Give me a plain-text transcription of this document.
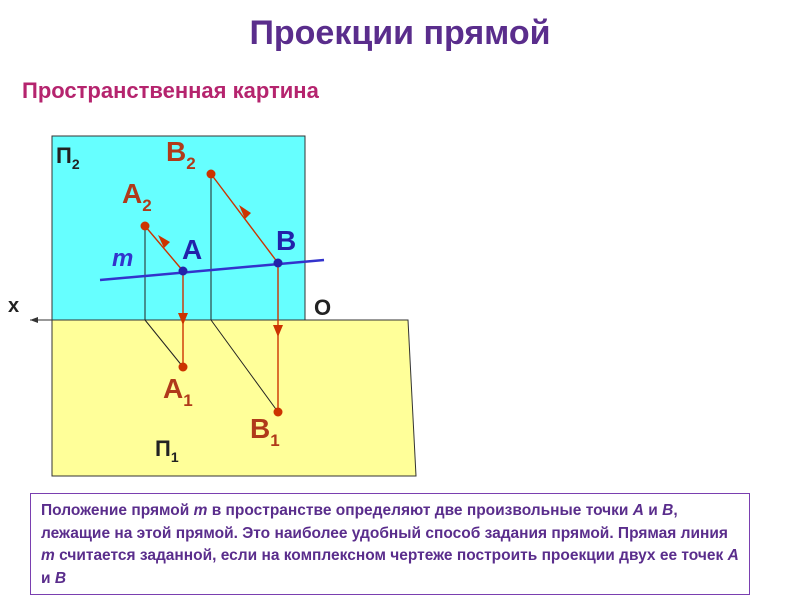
Проекции прямой
Пространственная картина
$П_2$
$П_1$
x	O
m A	B
$A_2$
$B_2$
$A_1$
$B_1$
Положение прямой m в пространстве определяют две произвольные точки А и В, лежащие на этой прямой. Это наиболее удобный способ задания прямой. Прямая линия m считается заданной, если на комплексном чертеже построить проекции двух ее точек А и В
